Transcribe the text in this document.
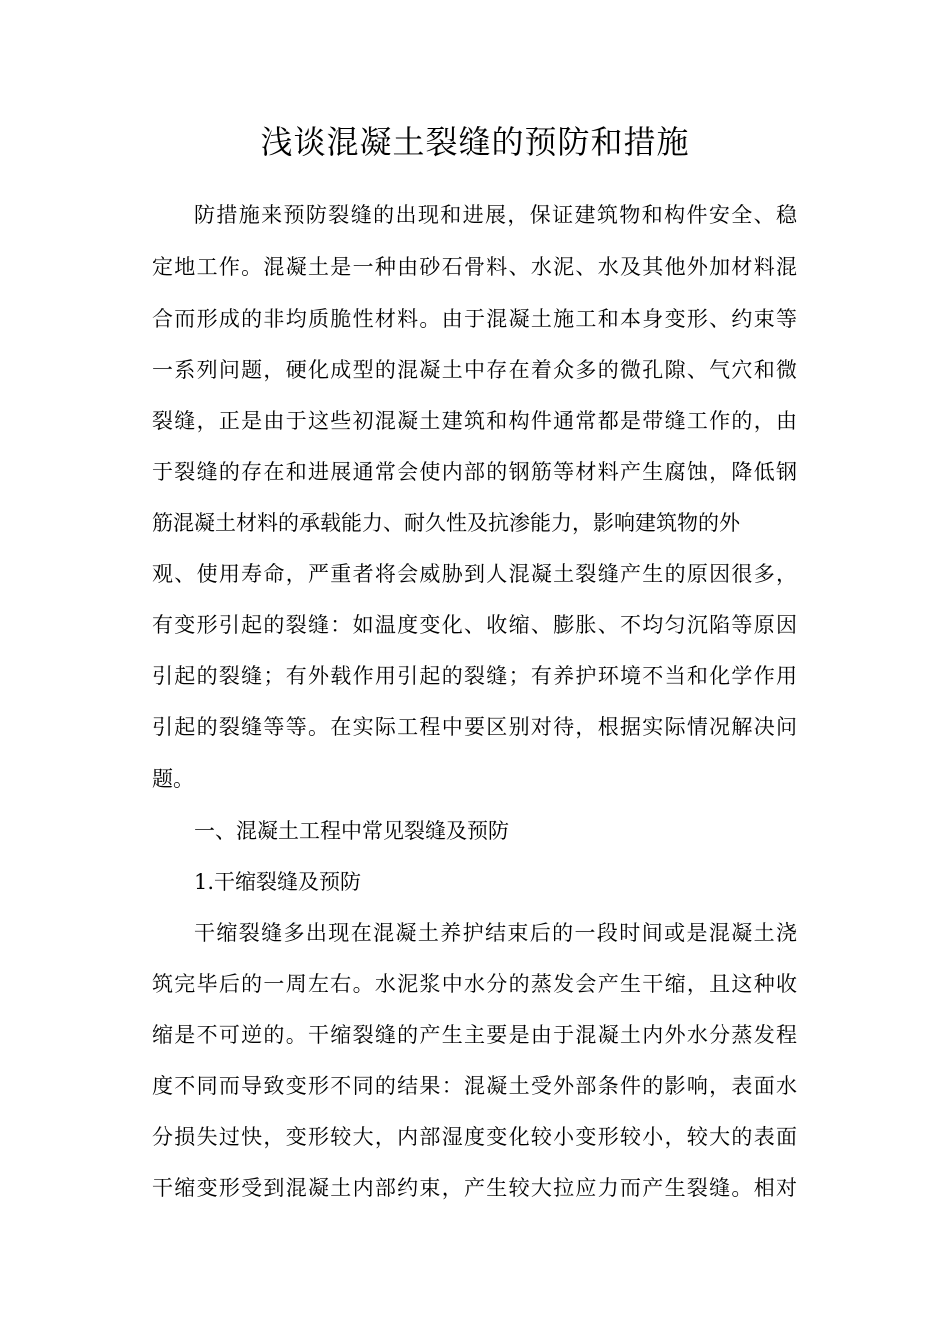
浅谈混凝土裂缝的预防和措施

防措施来预防裂缝的出现和进展，保证建筑物和构件安全、稳

定地工作。混凝土是一种由砂石骨料、水泥、水及其他外加材料混

合而形成的非均质脆性材料。由于混凝土施工和本身变形、约束等

一系列问题，硬化成型的混凝土中存在着众多的微孔隙、气穴和微

裂缝，正是由于这些初混凝土建筑和构件通常都是带缝工作的，由

于裂缝的存在和进展通常会使内部的钢筋等材料产生腐蚀，降低钢

筋混凝土材料的承载能力、耐久性及抗渗能力，影响建筑物的外

观、使用寿命，严重者将会威胁到人混凝土裂缝产生的原因很多，

有变形引起的裂缝：如温度变化、收缩、膨胀、不均匀沉陷等原因

引起的裂缝；有外载作用引起的裂缝；有养护环境不当和化学作用

引起的裂缝等等。在实际工程中要区别对待，根据实际情况解决问

题。

一、混凝土工程中常见裂缝及预防

1.干缩裂缝及预防

干缩裂缝多出现在混凝土养护结束后的一段时间或是混凝土浇

筑完毕后的一周左右。水泥浆中水分的蒸发会产生干缩，且这种收

缩是不可逆的。干缩裂缝的产生主要是由于混凝土内外水分蒸发程

度不同而导致变形不同的结果：混凝土受外部条件的影响，表面水

分损失过快，变形较大，内部湿度变化较小变形较小，较大的表面

干缩变形受到混凝土内部约束，产生较大拉应力而产生裂缝。相对
